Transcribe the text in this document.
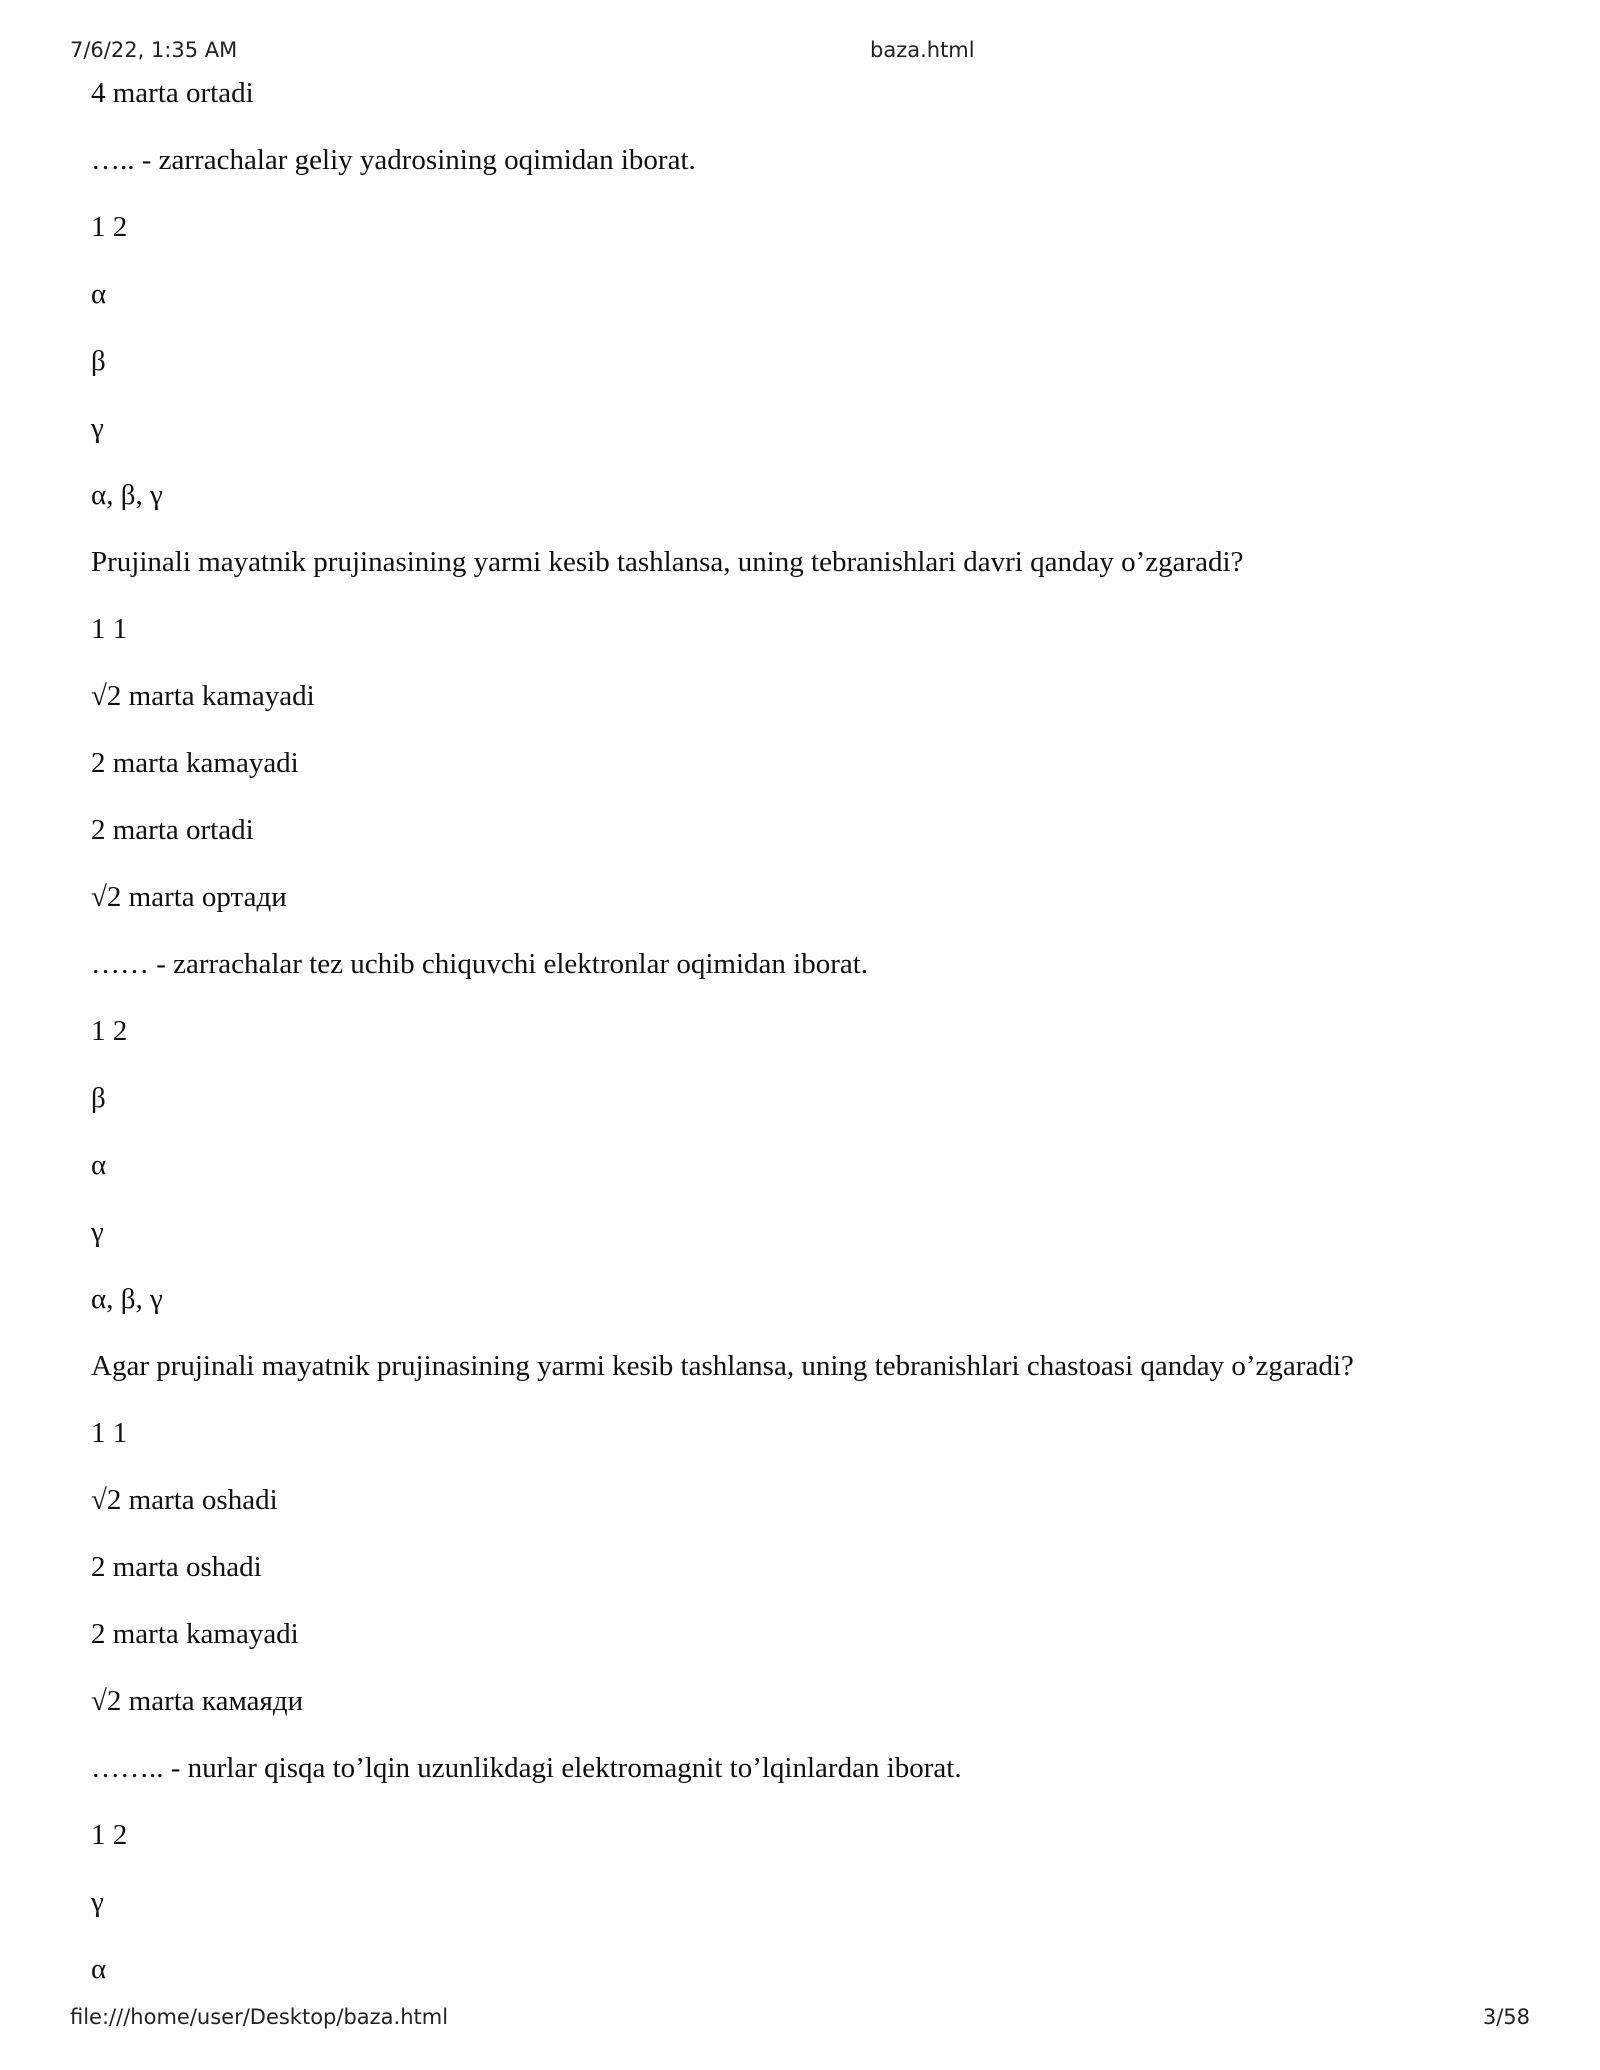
7/6/22, 1:35 AM	baza.html

4 marta ortadi

….. - zarrachalar geliy yadrosining oqimidan iborat.

1 2

α

β

γ

α, β, γ

Prujinali mayatnik prujinasining yarmi kesib tashlansa, uning tebranishlari davri qanday o’zgaradi?

1 1

√2 marta kamayadi

2 marta kamayadi

2 marta ortadi

√2 marta ортади

…… - zarrachalar tez uchib chiquvchi elektronlar oqimidan iborat.

1 2

β

α

γ

α, β, γ

Agar prujinali mayatnik prujinasining yarmi kesib tashlansa, uning tebranishlari chastoasi qanday o’zgaradi?

1 1

√2 marta oshadi

2 marta oshadi

2 marta kamayadi

√2 marta камаяди

…….. - nurlar qisqa to’lqin uzunlikdagi elektromagnit to’lqinlardan iborat.

1 2

γ

α

file:///home/user/Desktop/baza.html	3/58
